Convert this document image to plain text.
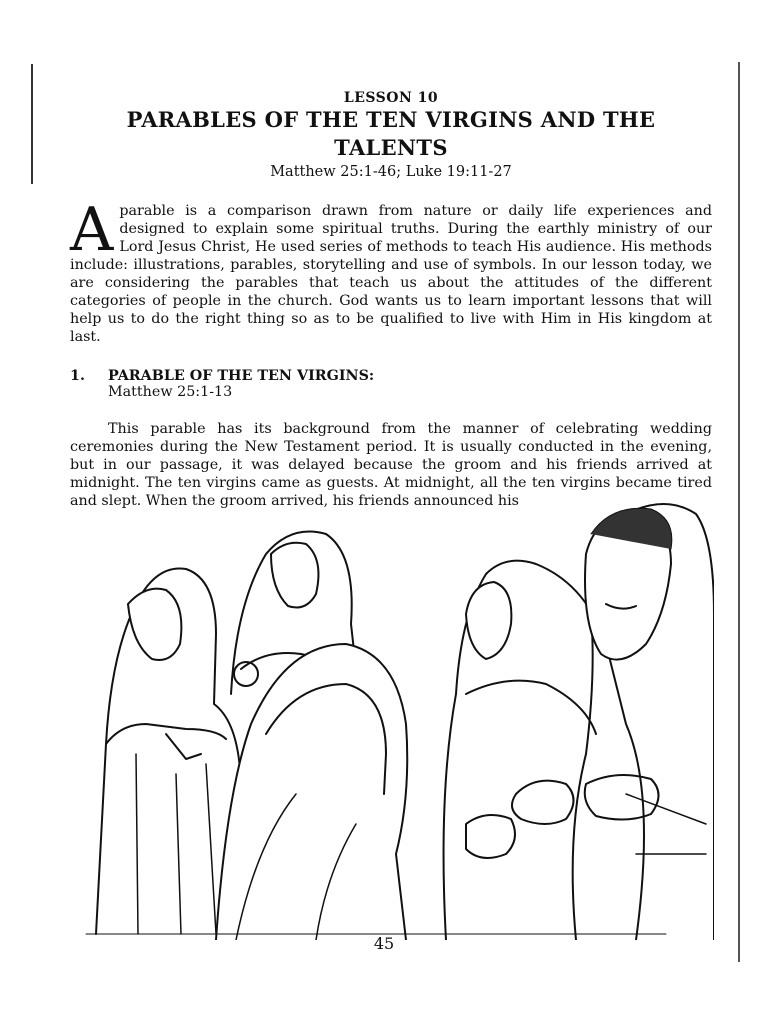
LESSON 10

PARABLES OF THE TEN VIRGINS AND THE TALENTS

Matthew 25:1-46; Luke 19:11-27

A parable is a comparison drawn from nature or daily life experiences and designed to explain some spiritual truths. During the earthly ministry of our Lord Jesus Christ, He used series of methods to teach His audience. His methods include: illustrations, parables, storytelling and use of symbols. In our lesson today, we are considering the parables that teach us about the attitudes of the different categories of people in the church. God wants us to learn important lessons that will help us to do the right thing so as to be qualified to live with Him in His kingdom at last.
1.	PARABLE OF THE TEN VIRGINS:
Matthew 25:1-13
This parable has its background from the manner of celebrating wedding ceremonies during the New Testament period. It is usually conducted in the evening, but in our passage, it was delayed because the groom and his friends arrived at midnight. The ten virgins came as guests. At midnight, all the ten virgins became tired and slept. When the groom arrived, his friends announced his
45
